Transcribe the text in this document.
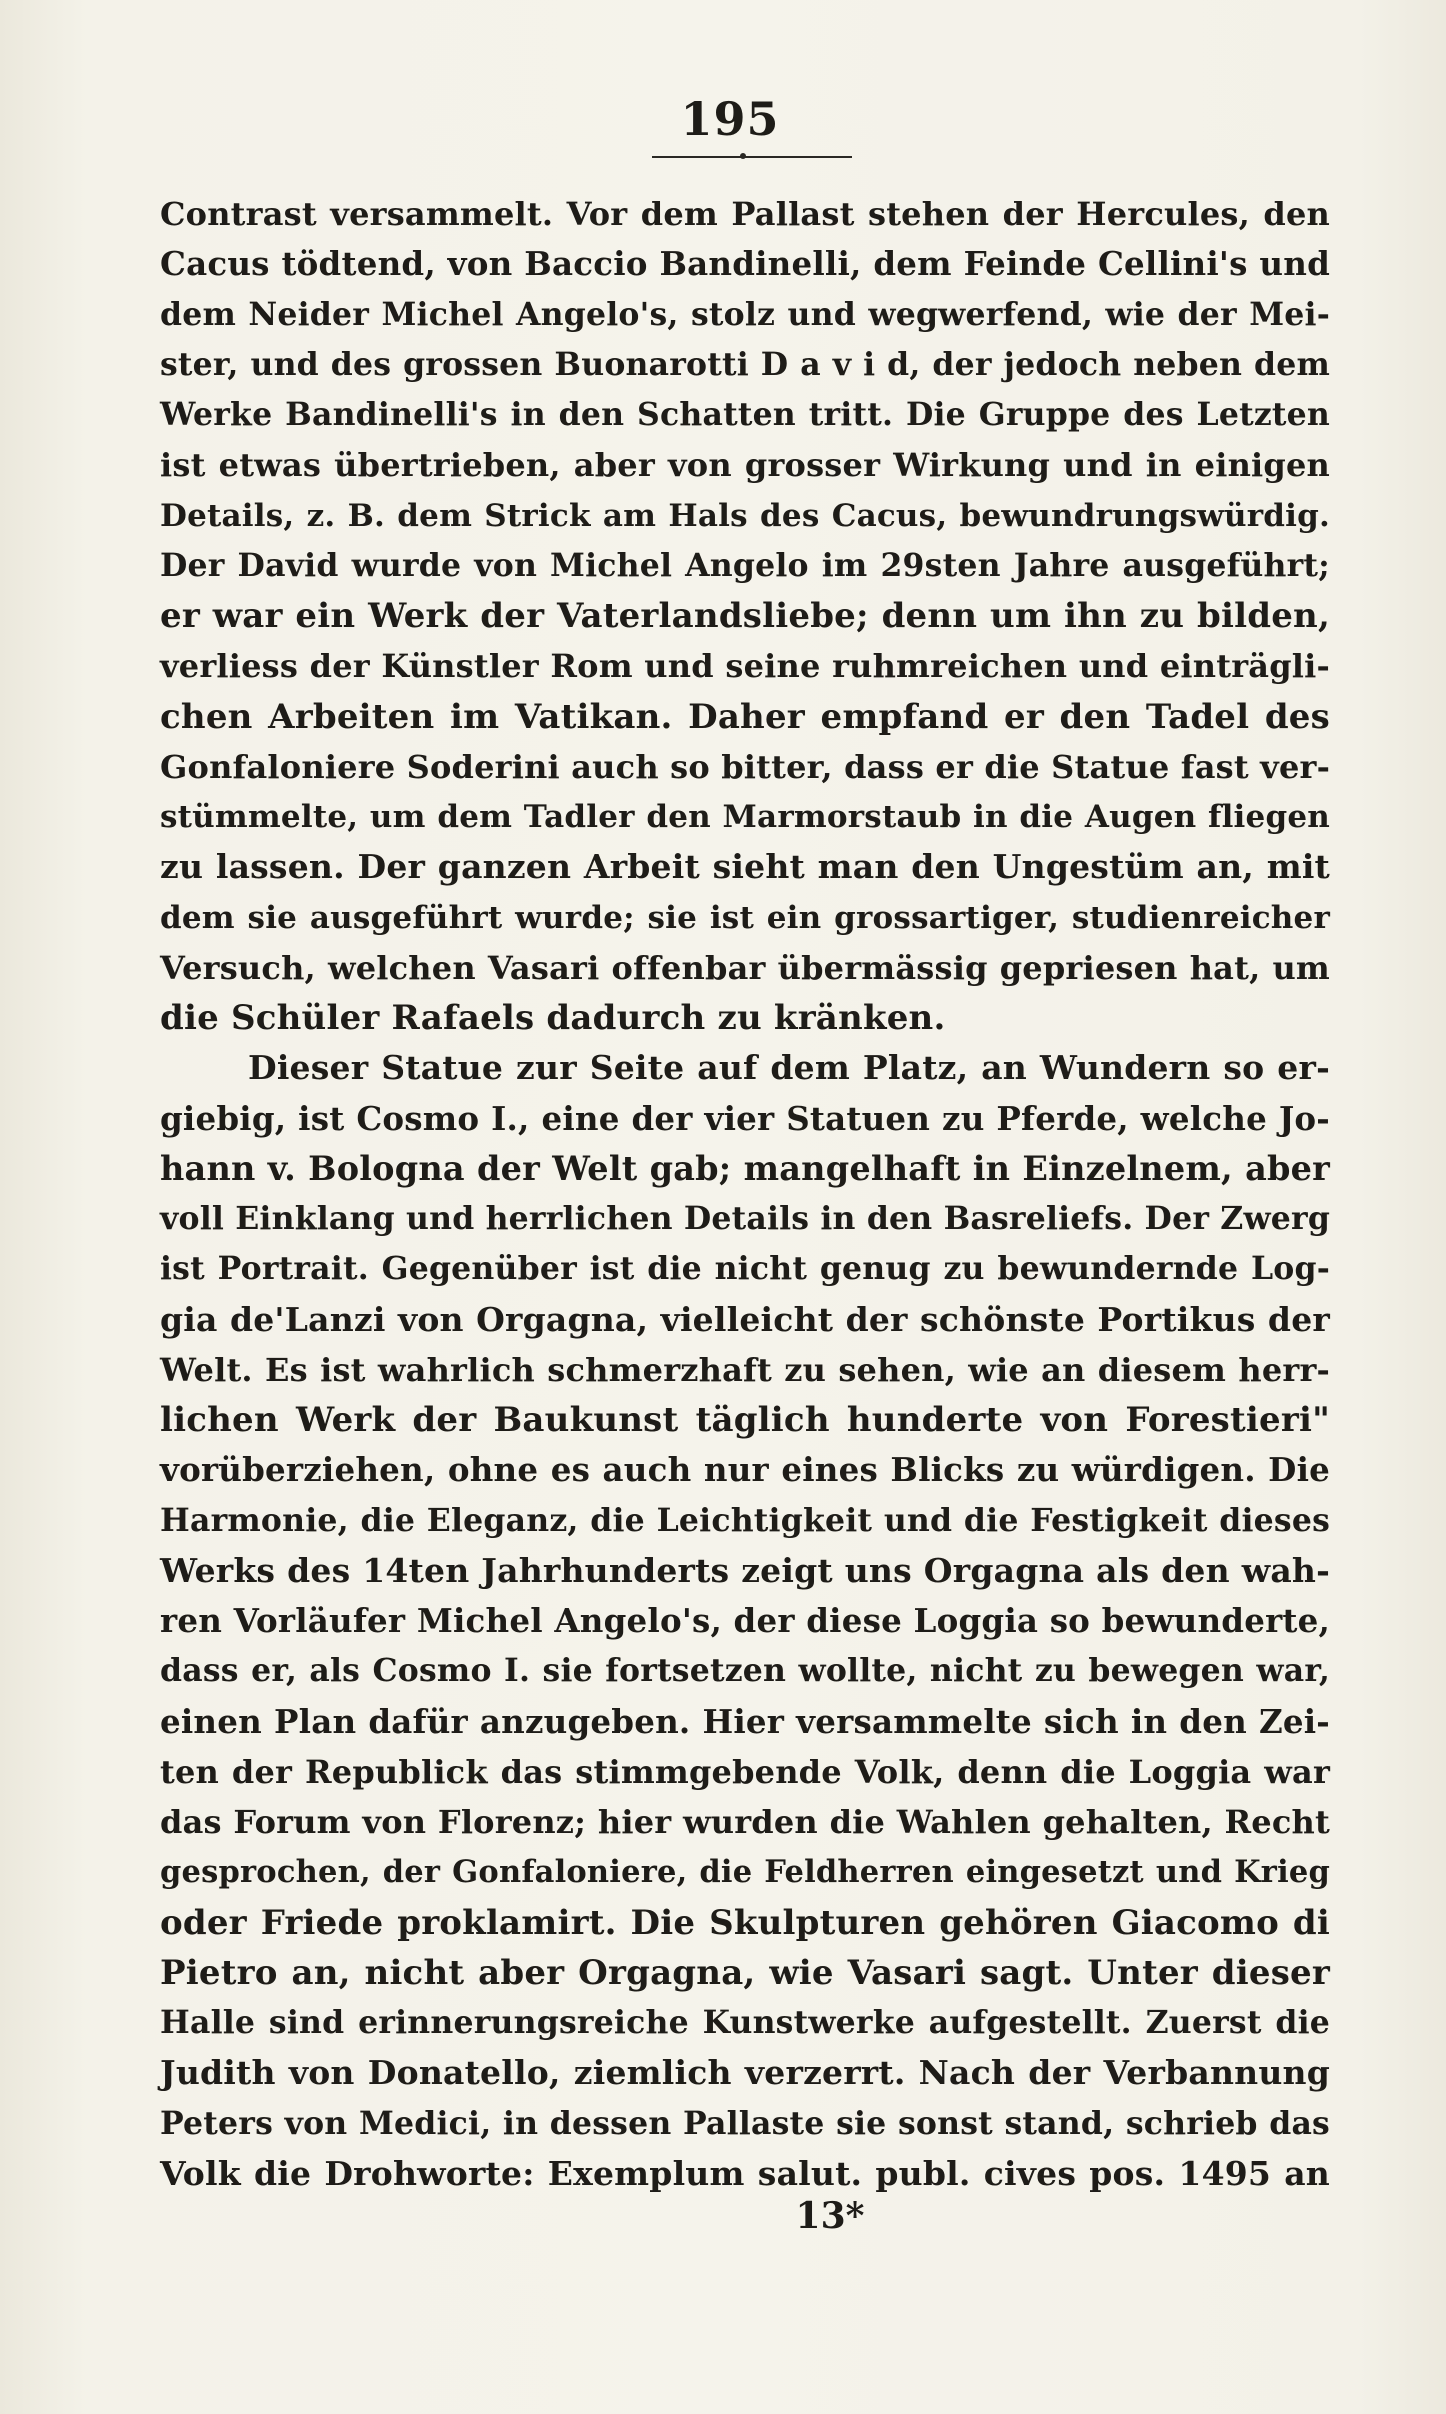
195
Contrast versammelt. Vor dem Pallast stehen der Hercules, den
Cacus tödtend, von Baccio Bandinelli, dem Feinde Cellini's und
dem Neider Michel Angelo's, stolz und wegwerfend, wie der Mei-
ster, und des grossen Buonarotti D a v i d, der jedoch neben dem
Werke Bandinelli's in den Schatten tritt. Die Gruppe des Letzten
ist etwas übertrieben, aber von grosser Wirkung und in einigen
Details, z. B. dem Strick am Hals des Cacus, bewundrungswürdig.
Der David wurde von Michel Angelo im 29sten Jahre ausgeführt;
er war ein Werk der Vaterlandsliebe; denn um ihn zu bilden,
verliess der Künstler Rom und seine ruhmreichen und einträgli-
chen Arbeiten im Vatikan. Daher empfand er den Tadel des
Gonfaloniere Soderini auch so bitter, dass er die Statue fast ver-
stümmelte, um dem Tadler den Marmorstaub in die Augen fliegen
zu lassen. Der ganzen Arbeit sieht man den Ungestüm an, mit
dem sie ausgeführt wurde; sie ist ein grossartiger, studienreicher
Versuch, welchen Vasari offenbar übermässig gepriesen hat, um
die Schüler Rafaels dadurch zu kränken.
Dieser Statue zur Seite auf dem Platz, an Wundern so er-
giebig, ist Cosmo I., eine der vier Statuen zu Pferde, welche Jo-
hann v. Bologna der Welt gab; mangelhaft in Einzelnem, aber
voll Einklang und herrlichen Details in den Basreliefs. Der Zwerg
ist Portrait. Gegenüber ist die nicht genug zu bewundernde Log-
gia de'Lanzi von Orgagna, vielleicht der schönste Portikus der
Welt. Es ist wahrlich schmerzhaft zu sehen, wie an diesem herr-
lichen Werk der Baukunst täglich hunderte von Forestieri"
vorüberziehen, ohne es auch nur eines Blicks zu würdigen. Die
Harmonie, die Eleganz, die Leichtigkeit und die Festigkeit dieses
Werks des 14ten Jahrhunderts zeigt uns Orgagna als den wah-
ren Vorläufer Michel Angelo's, der diese Loggia so bewunderte,
dass er, als Cosmo I. sie fortsetzen wollte, nicht zu bewegen war,
einen Plan dafür anzugeben. Hier versammelte sich in den Zei-
ten der Republick das stimmgebende Volk, denn die Loggia war
das Forum von Florenz; hier wurden die Wahlen gehalten, Recht
gesprochen, der Gonfaloniere, die Feldherren eingesetzt und Krieg
oder Friede proklamirt. Die Skulpturen gehören Giacomo di
Pietro an, nicht aber Orgagna, wie Vasari sagt. Unter dieser
Halle sind erinnerungsreiche Kunstwerke aufgestellt. Zuerst die
Judith von Donatello, ziemlich verzerrt. Nach der Verbannung
Peters von Medici, in dessen Pallaste sie sonst stand, schrieb das
Volk die Drohworte: Exemplum salut. publ. cives pos. 1495 an
13*
